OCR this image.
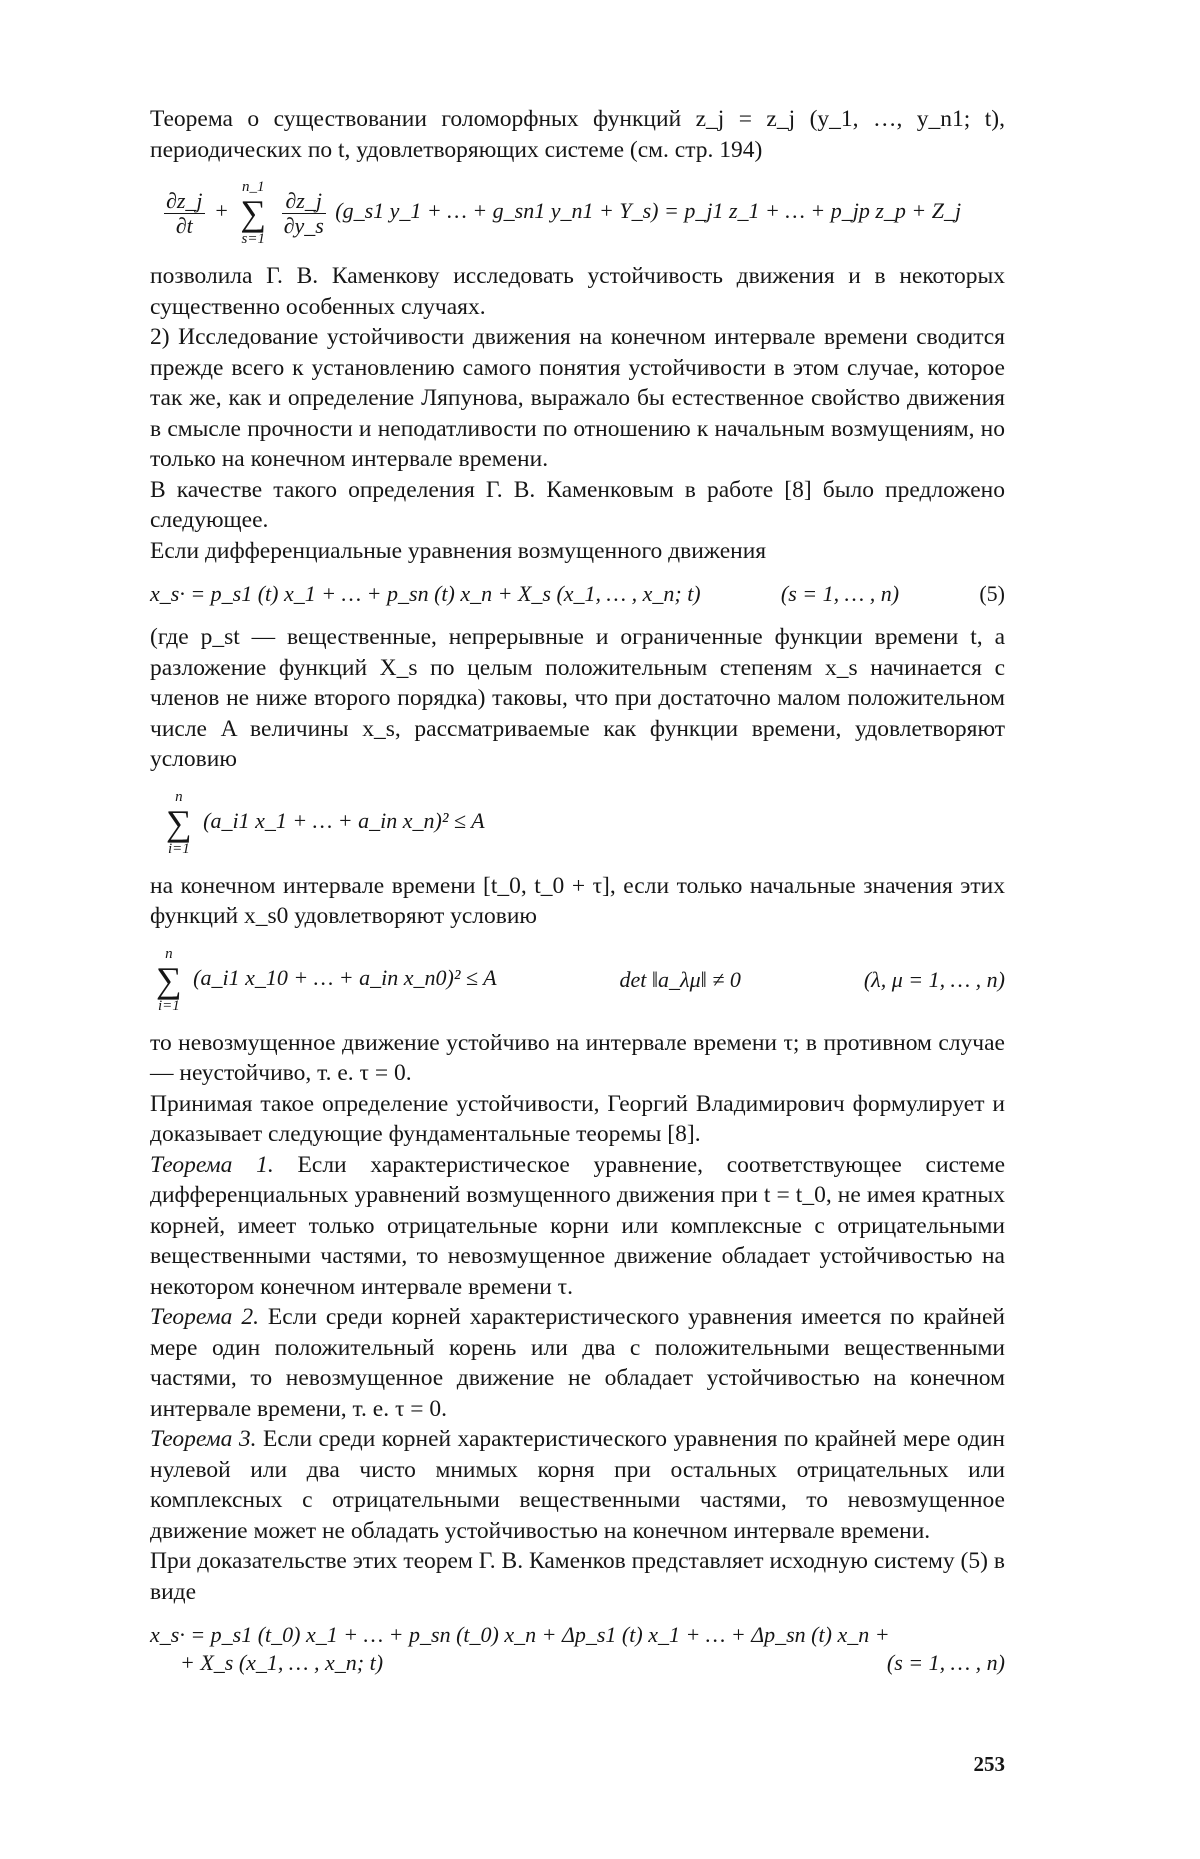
Теорема о существовании голоморфных функций z_j = z_j (y_1, …, y_n1; t), периодических по t, удовлетворяющих системе (см. стр. 194)

$\frac{\partial z\_j}{\partial t}$ +
n_1
∑
s=1

$\frac{\partial z\_j}{\partial y\_s}$ (g_s1 y_1 + … + g_sn1 y_n1 + Y_s) = p_j1 z_1 + … + p_jp z_p + Z_j

позволила Г. В. Каменкову исследовать устойчивость движения и в некоторых существенно особенных случаях.

2) Исследование устойчивости движения на конечном интервале времени сводится прежде всего к установлению самого понятия устойчивости в этом случае, которое так же, как и определение Ляпунова, выражало бы естественное свойство движения в смысле прочности и неподатливости по отношению к начальным возмущениям, но только на конечном интервале времени.

В качестве такого определения Г. В. Каменковым в работе [8] было предложено следующее.

Если дифференциальные уравнения возмущенного движения

x_s· = p_s1 (t) x_1 + … + p_sn (t) x_n + X_s (x_1, … , x_n; t)	(s = 1, … , n)	(5)

(где p_st — вещественные, непрерывные и ограниченные функции времени t, а разложение функций X_s по целым положительным степеням x_s начинается с членов не ниже второго порядка) таковы, что при достаточно малом положительном числе A величины x_s, рассматриваемые как функции времени, удовлетворяют условию

n
∑
i=1
(a_i1 x_1 + … + a_in x_n)² ≤ A

на конечном интервале времени [t_0, t_0 + τ], если только начальные значения этих функций x_s0 удовлетворяют условию

n
∑
i=1
(a_i1 x_10 + … + a_in x_n0)² ≤ A	det ‖a_λμ‖ ≠ 0	(λ, μ = 1, … , n)

то невозмущенное движение устойчиво на интервале времени τ; в противном случае — неустойчиво, т. е. τ = 0.

Принимая такое определение устойчивости, Георгий Владимирович формулирует и доказывает следующие фундаментальные теоремы [8].

Теорема 1. Если характеристическое уравнение, соответствующее системе дифференциальных уравнений возмущенного движения при t = t_0, не имея кратных корней, имеет только отрицательные корни или комплексные с отрицательными вещественными частями, то невозмущенное движение обладает устойчивостью на некотором конечном интервале времени τ.

Теорема 2. Если среди корней характеристического уравнения имеется по крайней мере один положительный корень или два с положительными вещественными частями, то невозмущенное движение не обладает устойчивостью на конечном интервале времени, т. е. τ = 0.

Теорема 3. Если среди корней характеристического уравнения по крайней мере один нулевой или два чисто мнимых корня при остальных отрицательных или комплексных с отрицательными вещественными частями, то невозмущенное движение может не обладать устойчивостью на конечном интервале времени.

При доказательстве этих теорем Г. В. Каменков представляет исходную систему (5) в виде

x_s· = p_s1 (t_0) x_1 + … + p_sn (t_0) x_n + Δp_s1 (t) x_1 + … + Δp_sn (t) x_n +
+ X_s (x_1, … , x_n; t)	(s = 1, … , n)
253
